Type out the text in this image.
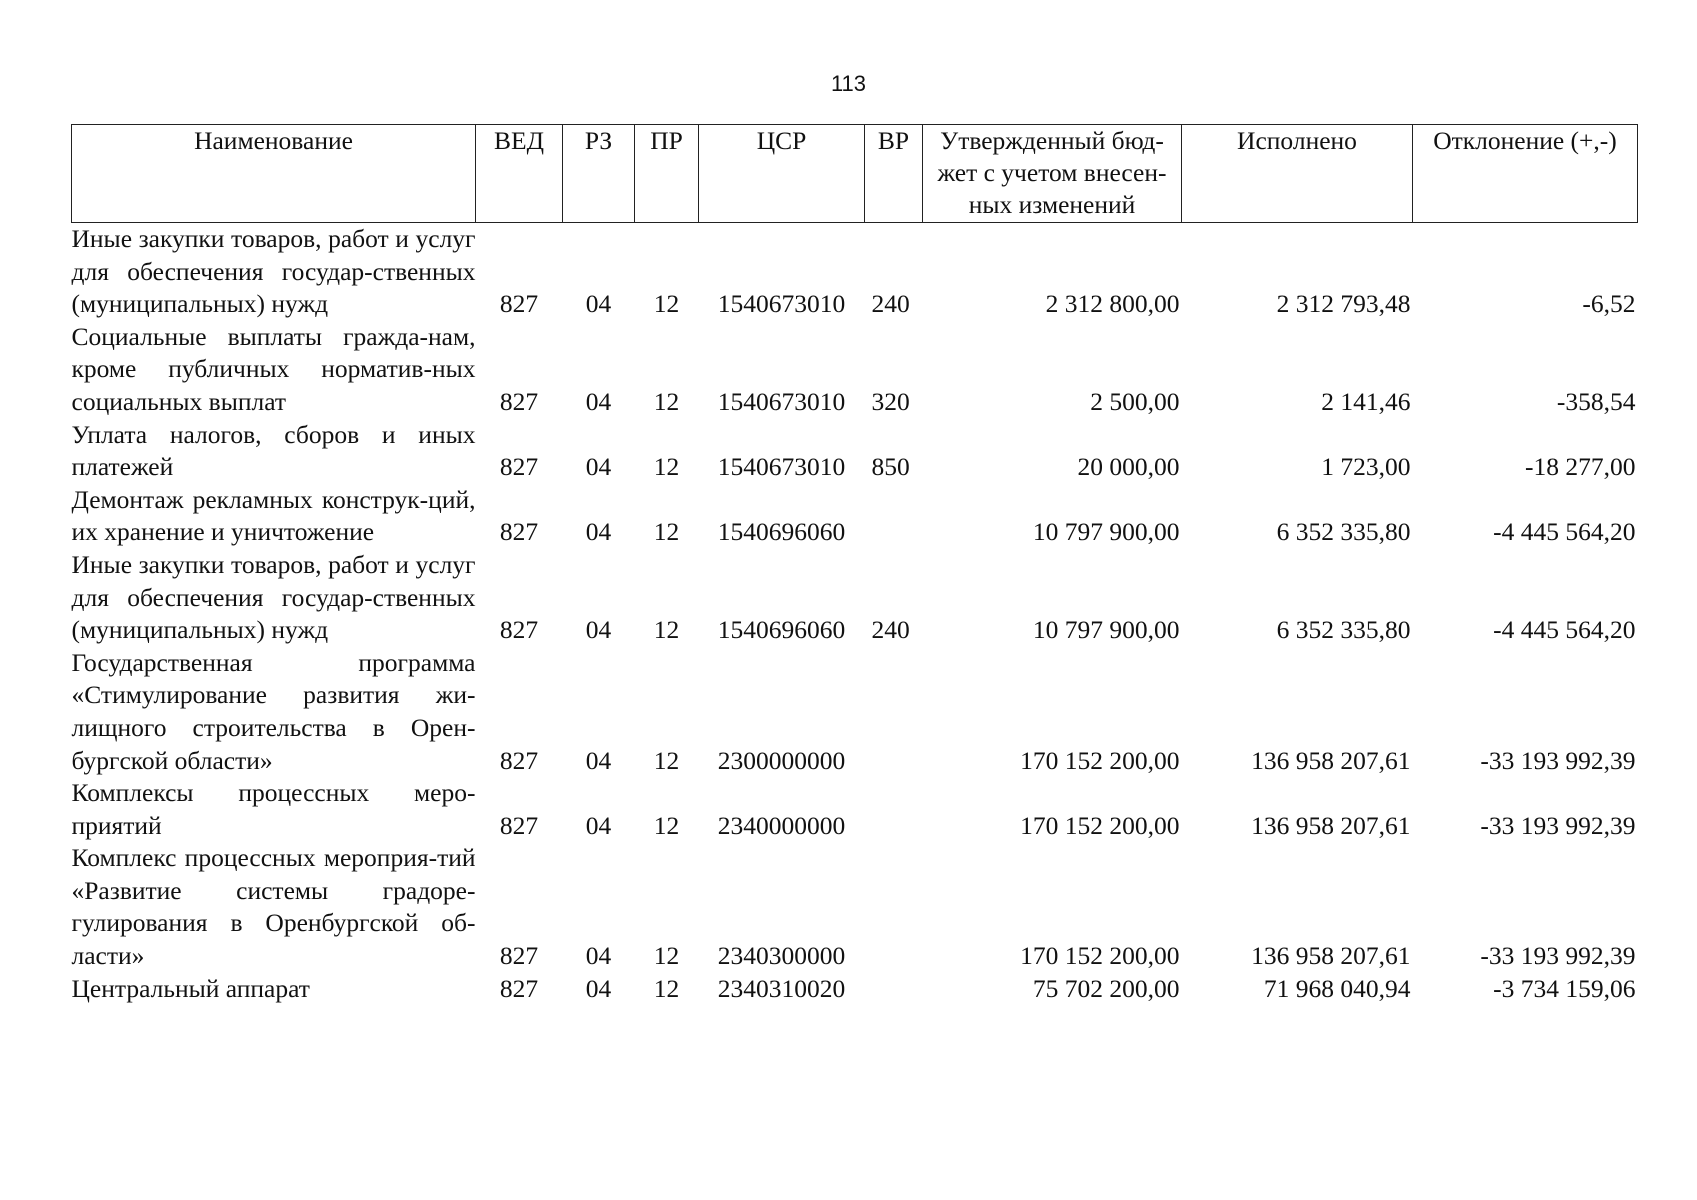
113
Наименование	ВЕД	РЗ	ПР	ЦСР	ВР	Утвержденный бюд-​жет с учетом внесен-​ных изменений	Исполнено	Отклонение (+,-)
Иные закупки товаров, работ и услуг для обеспечения государ-​ственных (муниципальных) нужд	827	04	12	1540673010	240	2 312 800,00	2 312 793,48	-6,52
Социальные выплаты гражда-​нам, кроме публичных норматив-​ных социальных выплат	827	04	12	1540673010	320	2 500,00	2 141,46	-358,54
Уплата налогов, сборов и иных платежей	827	04	12	1540673010	850	20 000,00	1 723,00	-18 277,00
Демонтаж рекламных конструк-​ций, их хранение и уничтожение	827	04	12	1540696060		10 797 900,00	6 352 335,80	-4 445 564,20
Иные закупки товаров, работ и услуг для обеспечения государ-​ственных (муниципальных) нужд	827	04	12	1540696060	240	10 797 900,00	6 352 335,80	-4 445 564,20
Государственная программа «Стимулирование развития жи-​лищного строительства в Орен-​бургской области»	827	04	12	2300000000		170 152 200,00	136 958 207,61	-33 193 992,39
Комплексы процессных меро-​приятий	827	04	12	2340000000		170 152 200,00	136 958 207,61	-33 193 992,39
Комплекс процессных мероприя-​тий «Развитие системы градоре-​гулирования в Оренбургской об-​ласти»	827	04	12	2340300000		170 152 200,00	136 958 207,61	-33 193 992,39
Центральный аппарат	827	04	12	2340310020		75 702 200,00	71 968 040,94	-3 734 159,06
